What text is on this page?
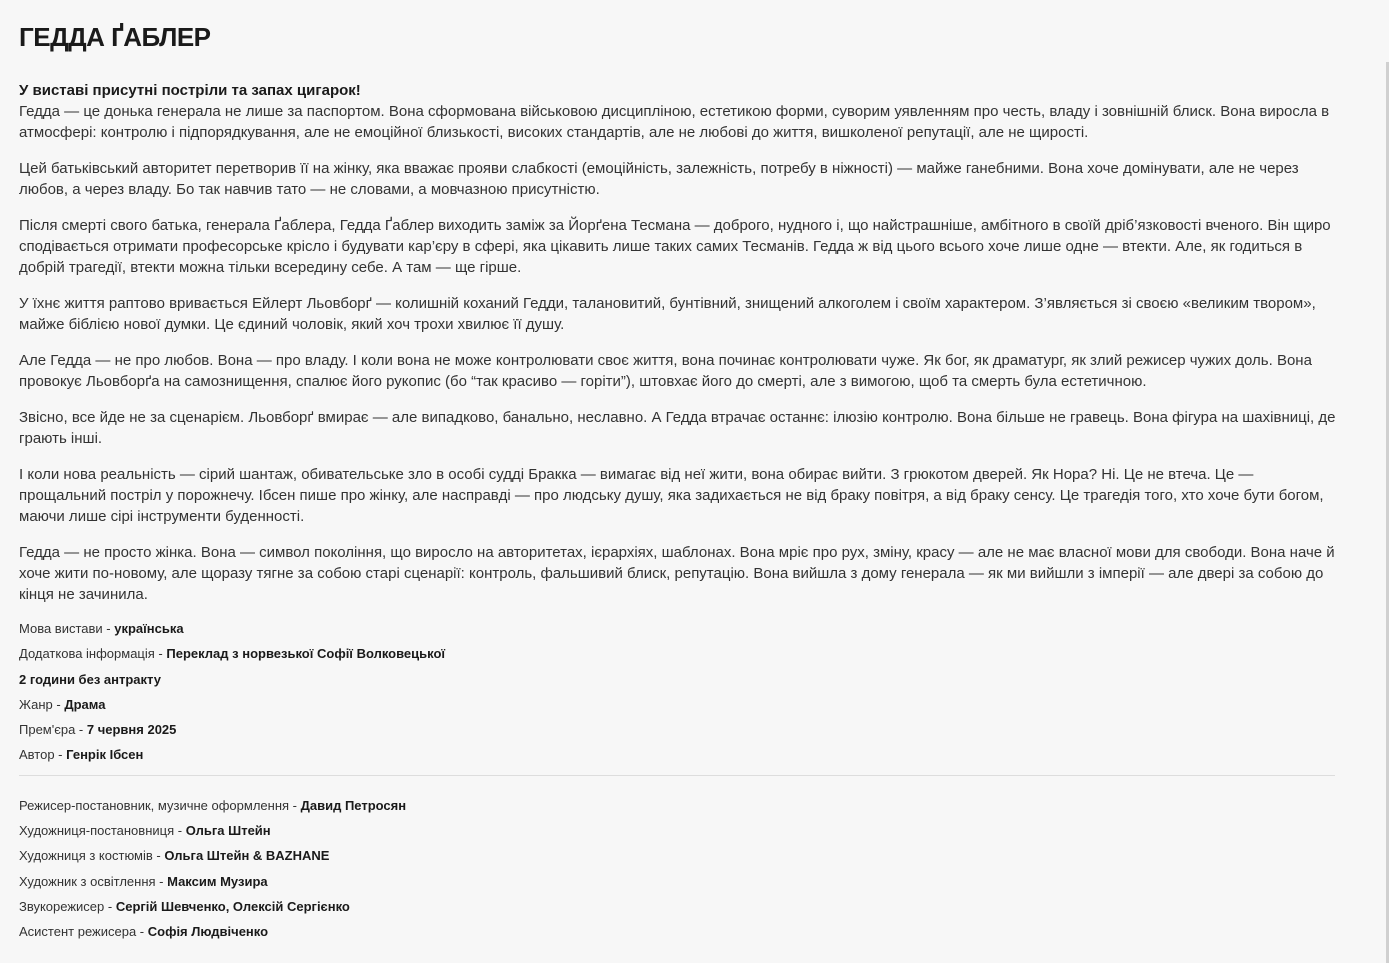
ГЕДДА ҐАБЛЕР

У виставі присутні постріли та запах цигарок!
Гедда — це донька генерала не лише за паспортом. Вона сформована військовою дисципліною, естетикою форми, суворим уявленням про честь, владу і зовнішній блиск. Вона виросла в атмосфері: контролю і підпорядкування, але не емоційної близькості, високих стандартів, але не любові до життя, вишколеної репутації, але не щирості.

Цей батьківський авторитет перетворив її на жінку, яка вважає прояви слабкості (емоційність, залежність, потребу в ніжності) — майже ганебними. Вона хоче домінувати, але не через любов, а через владу. Бо так навчив тато — не словами, а мовчазною присутністю.

Після смерті свого батька, генерала Ґаблера, Гедда Ґаблер виходить заміж за Йорґена Тесмана — доброго, нудного і, що найстрашніше, амбітного в своїй дріб’язковості вченого. Він щиро сподівається отримати професорське крісло і будувати кар’єру в сфері, яка цікавить лише таких самих Тесманів. Гедда ж від цього всього хоче лише одне — втекти. Але, як годиться в добрій трагедії, втекти можна тільки всередину себе. А там — ще гірше.

У їхнє життя раптово вривається Ейлерт Льовборґ — колишній коханий Гедди, талановитий, бунтівний, знищений алкоголем і своїм характером. З’являється зі своєю «великим твором», майже біблією нової думки. Це єдиний чоловік, який хоч трохи хвилює її душу.

Але Гедда — не про любов. Вона — про владу. І коли вона не може контролювати своє життя, вона починає контролювати чуже. Як бог, як драматург, як злий режисер чужих доль. Вона провокує Льовборґа на самознищення, спалює його рукопис (бо “так красиво — горіти”), штовхає його до смерті, але з вимогою, щоб та смерть була естетичною.

Звісно, все йде не за сценарієм. Льовборґ вмирає — але випадково, банально, неславно. А Гедда втрачає останнє: ілюзію контролю. Вона більше не гравець. Вона фігура на шахівниці, де грають інші.

І коли нова реальність — сірий шантаж, обивательське зло в особі судді Бракка — вимагає від неї жити, вона обирає вийти. З грюкотом дверей. Як Нора? Ні. Це не втеча. Це — прощальний постріл у порожнечу. Ібсен пише про жінку, але насправді — про людську душу, яка задихається не від браку повітря, а від браку сенсу. Це трагедія того, хто хоче бути богом, маючи лише сірі інструменти буденності.

Гедда — не просто жінка. Вона — символ покоління, що виросло на авторитетах, ієрархіях, шаблонах. Вона мріє про рух, зміну, красу — але не має власної мови для свободи. Вона наче й хоче жити по-новому, але щоразу тягне за собою старі сценарії: контроль, фальшивий блиск, репутацію. Вона вийшла з дому генерала — як ми вийшли з імперії — але двері за собою до кінця не зачинила.

Мова вистави - українська
Додаткова інформація - Переклад з норвезької Софії Волковецької
2 години без антракту
Жанр - Драма
Прем'єра - 7 червня 2025
Автор - Генрік Ібсен
Режисер-постановник, музичне оформлення - Давид Петросян
Художниця-постановниця - Ольга Штейн
Художниця з костюмів - Ольга Штейн & BAZHANE
Художник з освітлення - Максим Музира
Звукорежисер - Сергій Шевченко, Олексій Сергієнко
Асистент режисера - Софія Людвіченко
